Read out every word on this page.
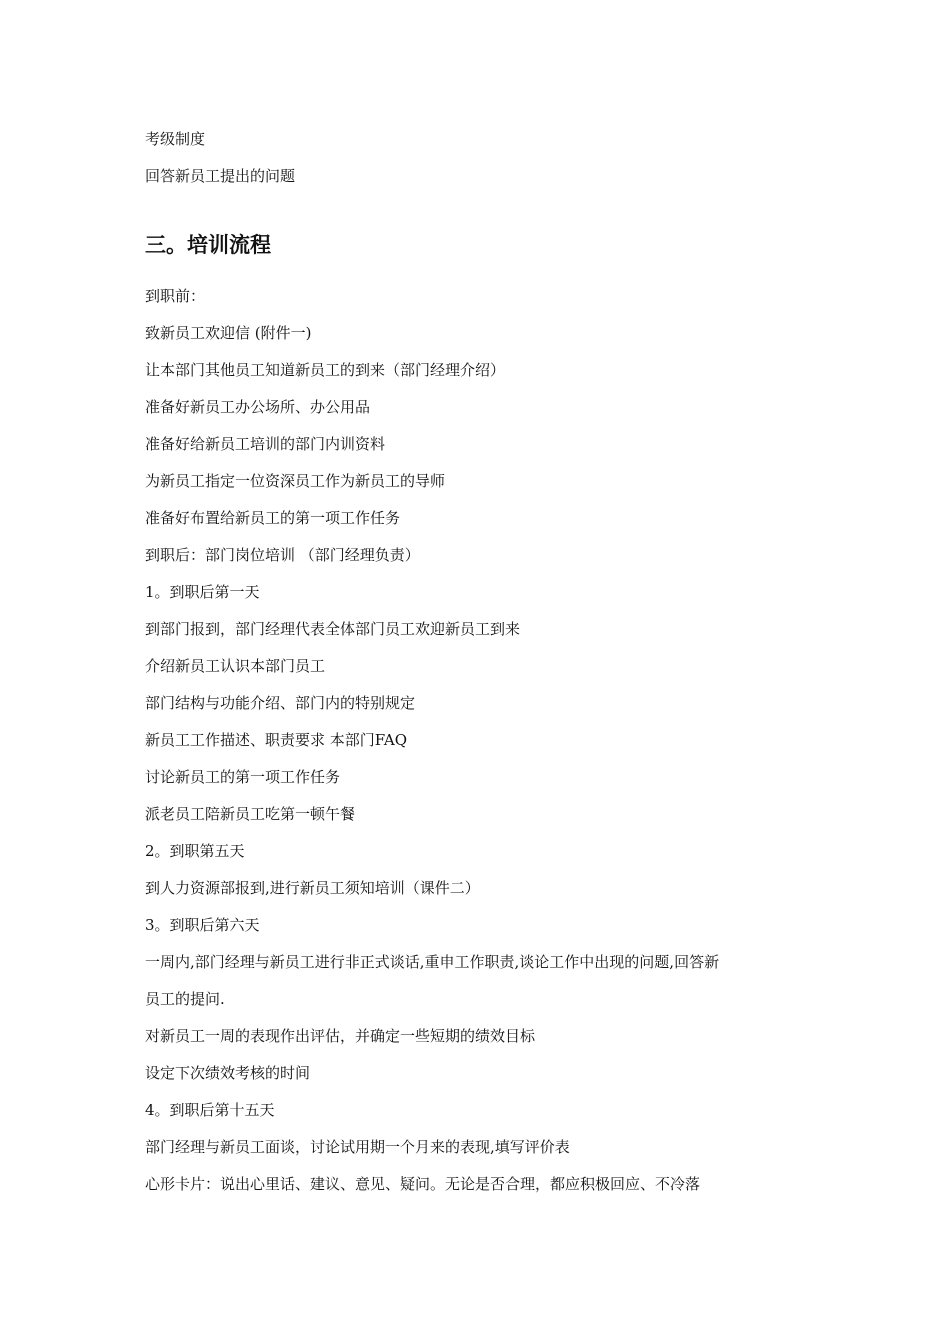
考级制度
回答新员工提出的问题
三。培训流程
到职前：
致新员工欢迎信 (附件一)
让本部门其他员工知道新员工的到来（部门经理介绍）
准备好新员工办公场所、办公用品
准备好给新员工培训的部门内训资料
为新员工指定一位资深员工作为新员工的导师
准备好布置给新员工的第一项工作任务
到职后：部门岗位培训 （部门经理负责）
1。到职后第一天
到部门报到，部门经理代表全体部门员工欢迎新员工到来
介绍新员工认识本部门员工
部门结构与功能介绍、部门内的特别规定
新员工工作描述、职责要求 本部门FAQ
讨论新员工的第一项工作任务
派老员工陪新员工吃第一顿午餐
2。到职第五天
到人力资源部报到,进行新员工须知培训（课件二）
3。到职后第六天
一周内,部门经理与新员工进行非正式谈话,重申工作职责,谈论工作中出现的问题,回答新
员工的提问.
对新员工一周的表现作出评估，并确定一些短期的绩效目标
设定下次绩效考核的时间
4。到职后第十五天
部门经理与新员工面谈，讨论试用期一个月来的表现,填写评价表
心形卡片：说出心里话、建议、意见、疑问。无论是否合理，都应积极回应、不冷落
